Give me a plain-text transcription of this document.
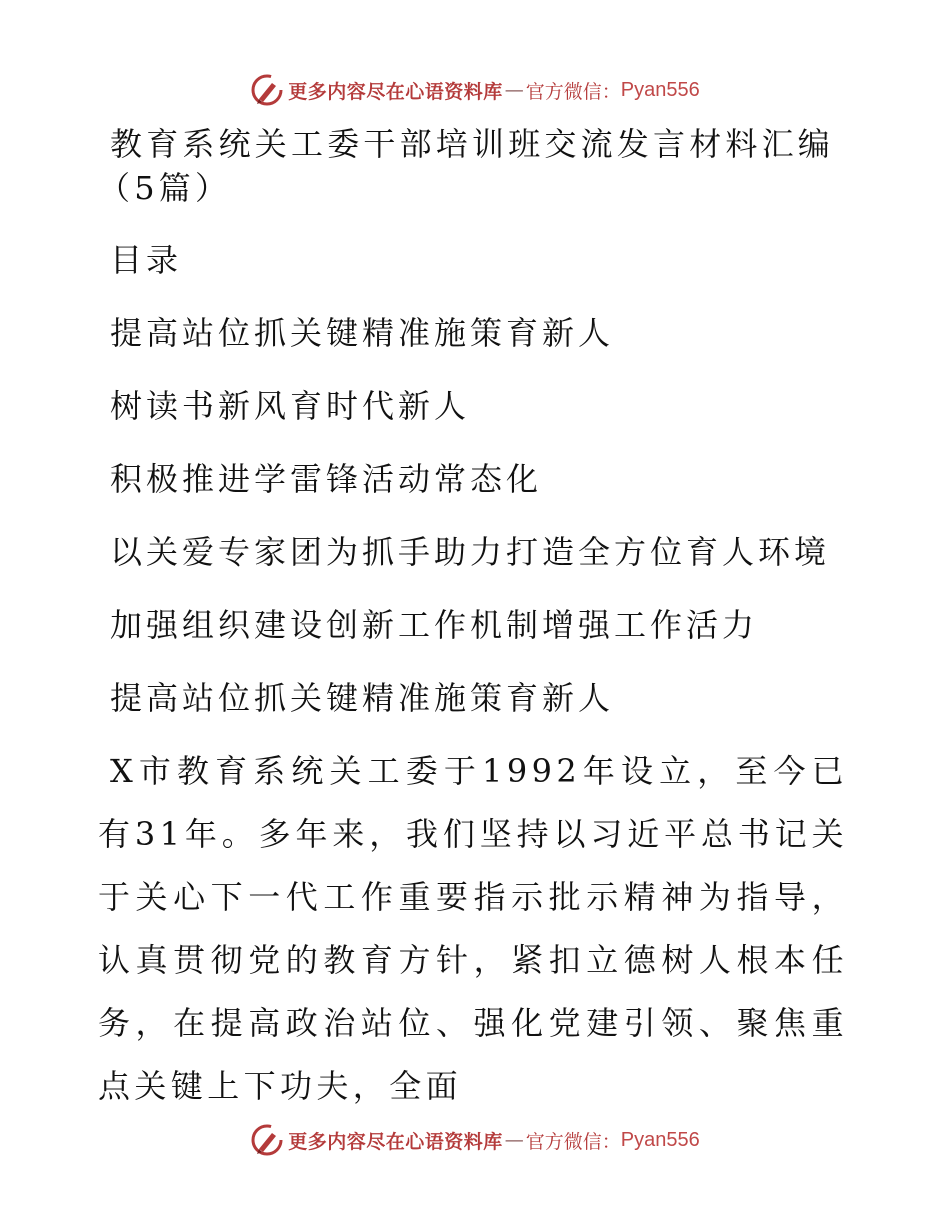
更多内容尽在心语资料库 — 官方微信： Pyan556

教育系统关工委干部培训班交流发言材料汇编（5篇）

目录

提高站位抓关键精准施策育新人

树读书新风育时代新人

积极推进学雷锋活动常态化

以关爱专家团为抓手助力打造全方位育人环境

加强组织建设创新工作机制增强工作活力

提高站位抓关键精准施策育新人

X市教育系统关工委于1992年设立，至今已有31年。多年来，我们坚持以习近平总书记关于关心下一代工作重要指示批示精神为指导，认真贯彻党的教育方针，紧扣立德树人根本任务，在提高政治站位、强化党建引领、聚焦重点关键上下功夫，全面

更多内容尽在心语资料库 — 官方微信： Pyan556
